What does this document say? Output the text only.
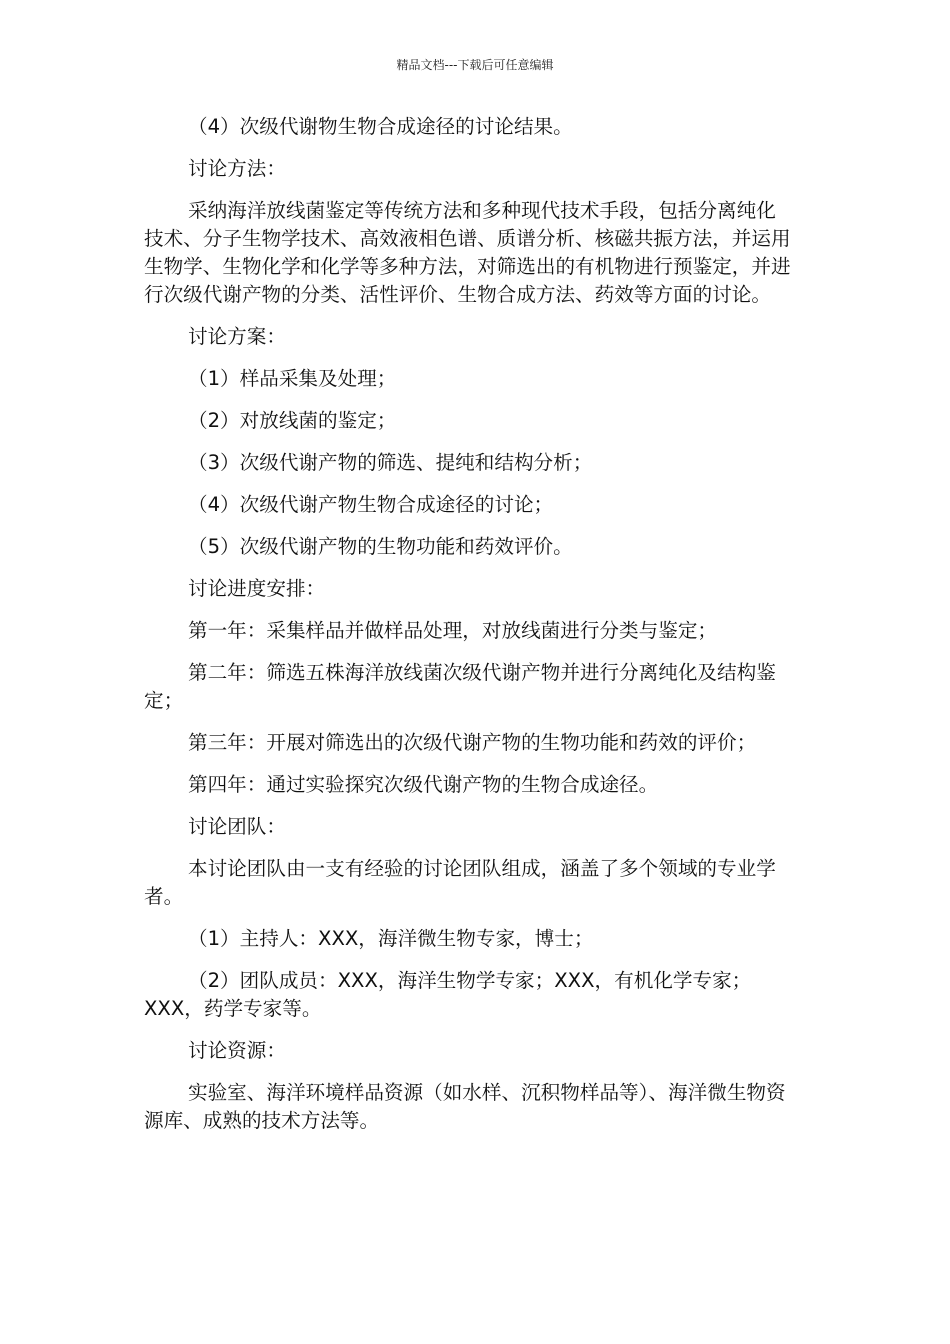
精品文档---下载后可任意编辑

（4）次级代谢物生物合成途径的讨论结果。

讨论方法：

采纳海洋放线菌鉴定等传统方法和多种现代技术手段，包括分离纯化技术、分子生物学技术、高效液相色谱、质谱分析、核磁共振方法，并运用生物学、生物化学和化学等多种方法，对筛选出的有机物进行预鉴定，并进行次级代谢产物的分类、活性评价、生物合成方法、药效等方面的讨论。

讨论方案：

（1）样品采集及处理；

（2）对放线菌的鉴定；

（3）次级代谢产物的筛选、提纯和结构分析；

（4）次级代谢产物生物合成途径的讨论；

（5）次级代谢产物的生物功能和药效评价。

讨论进度安排：

第一年：采集样品并做样品处理，对放线菌进行分类与鉴定；

第二年：筛选五株海洋放线菌次级代谢产物并进行分离纯化及结构鉴定；

第三年：开展对筛选出的次级代谢产物的生物功能和药效的评价；

第四年：通过实验探究次级代谢产物的生物合成途径。

讨论团队：

本讨论团队由一支有经验的讨论团队组成，涵盖了多个领域的专业学者。

（1）主持人：XXX，海洋微生物专家，博士；

（2）团队成员：XXX，海洋生物学专家；XXX，有机化学专家；XXX，药学专家等。

讨论资源：

实验室、海洋环境样品资源（如水样、沉积物样品等）、海洋微生物资源库、成熟的技术方法等。
